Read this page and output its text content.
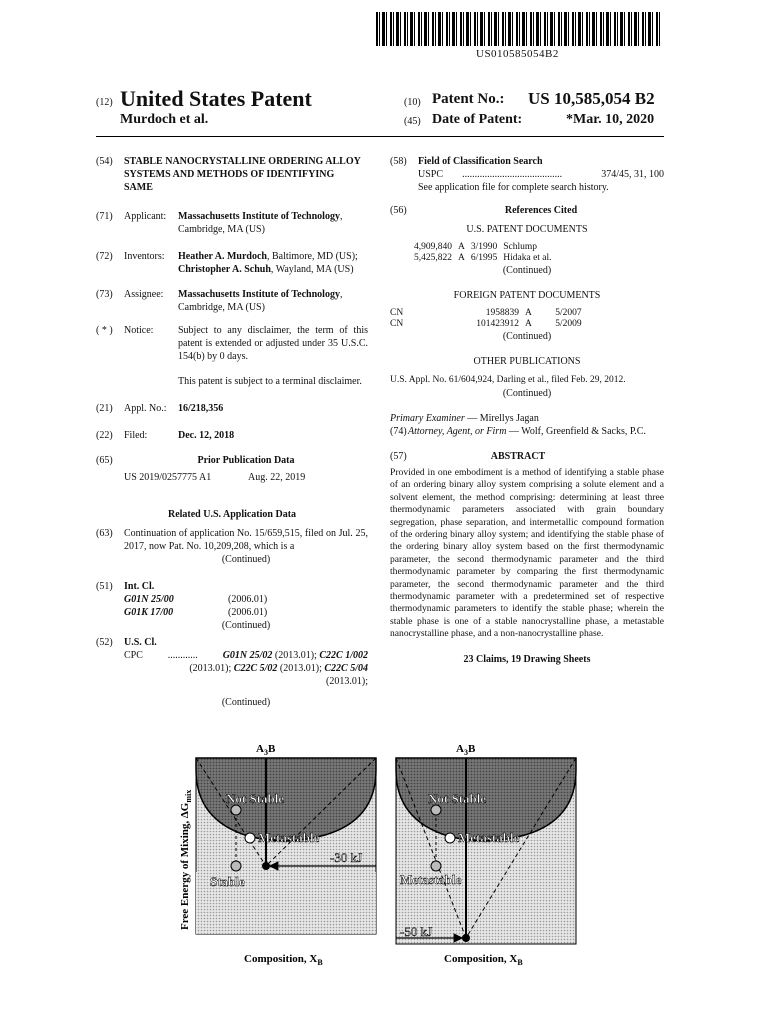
US010585054B2
(12) United States Patent
Murdoch et al.
(10) Patent No.: US 10,585,054 B2
(45) Date of Patent:	*Mar. 10, 2020
(54)	STABLE NANOCRYSTALLINE ORDERING ALLOY SYSTEMS AND METHODS OF IDENTIFYING SAME
(71)	Applicant:	Massachusetts Institute of Technology, Cambridge, MA (US)
(72)	Inventors:	Heather A. Murdoch, Baltimore, MD (US); Christopher A. Schuh, Wayland, MA (US)
(73)	Assignee:	Massachusetts Institute of Technology, Cambridge, MA (US)
( * )	Notice:	Subject to any disclaimer, the term of this patent is extended or adjusted under 35 U.S.C. 154(b) by 0 days.
This patent is subject to a terminal disclaimer.
(21)	Appl. No.:	16/218,356
(22)	Filed:	Dec. 12, 2018
(65)	Prior Publication Data
US 2019/0257775 A1	Aug. 22, 2019
Related U.S. Application Data
(63)	Continuation of application No. 15/659,515, filed on Jul. 25, 2017, now Pat. No. 10,209,208, which is a
(Continued)
(51)	Int. Cl.
G01N 25/00	(2006.01)
G01K 17/00	(2006.01)
(Continued)
(52)	U.S. Cl.
CPC ............ G01N 25/02 (2013.01); C22C 1/002
(2013.01); C22C 5/02 (2013.01); C22C 5/04
(2013.01);
(Continued)
(58)	Field of Classification Search
USPC ........................................	374/45, 31, 100
See application file for complete search history.
(56)	References Cited
U.S. PATENT DOCUMENTS
4,909,840	A	3/1990	Schlump
5,425,822	A	6/1995	Hidaka et al.
(Continued)
FOREIGN PATENT DOCUMENTS
CN	1958839	A	5/2007
CN	101423912	A	5/2009
(Continued)
OTHER PUBLICATIONS
U.S. Appl. No. 61/604,924, Darling et al., filed Feb. 29, 2012.
(Continued)
Primary Examiner — Mirellys Jagan
(74) Attorney, Agent, or Firm — Wolf, Greenfield & Sacks, P.C.
(57)	ABSTRACT
Provided in one embodiment is a method of identifying a stable phase of an ordering binary alloy system comprising a solute element and a solvent element, the method comprising: determining at least three thermodynamic parameters associated with grain boundary segregation, phase separation, and intermetallic compound formation of the ordering binary alloy system; and identifying the stable phase of the ordering binary alloy system based on the first thermodynamic parameter, the second thermodynamic parameter and the third thermodynamic parameter by comparing the first thermodynamic parameter, the second thermodynamic parameter and the third thermodynamic parameter with a predetermined set of respective thermodynamic parameters to identify the stable phase; wherein the stable phase is one of a stable nanocrystalline phase, a metastable nanocrystalline phase, and a non-nanocrystalline phase.
23 Claims, 19 Drawing Sheets
Free Energy of Mixing, $\Delta G_{mix}$
$A_3B$
Not Stable
Metastable
Stable
-30 kJ
Composition, $X_B$
$A_3B$
Not Stable
Metastable
Metastable
-50 kJ
Composition, $X_B$
